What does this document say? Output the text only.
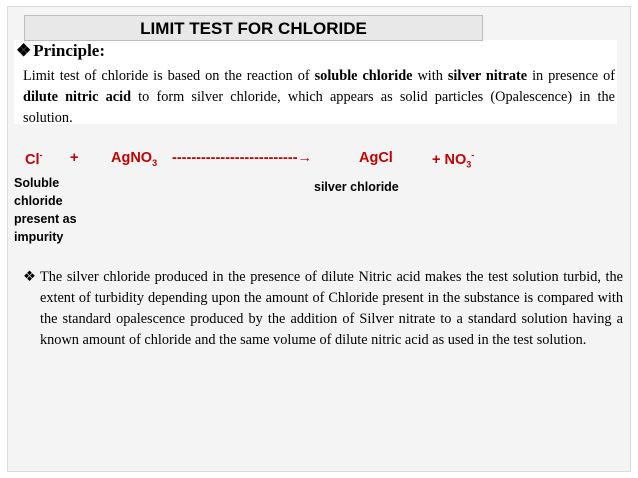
LIMIT TEST FOR CHLORIDE
❖ Principle:
Limit test of chloride is based on the reaction of soluble chloride with silver nitrate in presence of dilute nitric acid to form silver chloride, which appears as solid particles (Opalescence) in the solution.
Cl- + AgNO$_3$ --------------------------→	AgCl	+ $NO_3^-$
Soluble
chloride
present as
impurity
silver chloride
❖ The silver chloride produced in the presence of dilute Nitric acid makes the test solution turbid, the extent of turbidity depending upon the amount of Chloride present in the substance is compared with the standard opalescence produced by the addition of Silver nitrate to a standard solution having a known amount of chloride and the same volume of dilute nitric acid as used in the test solution.
